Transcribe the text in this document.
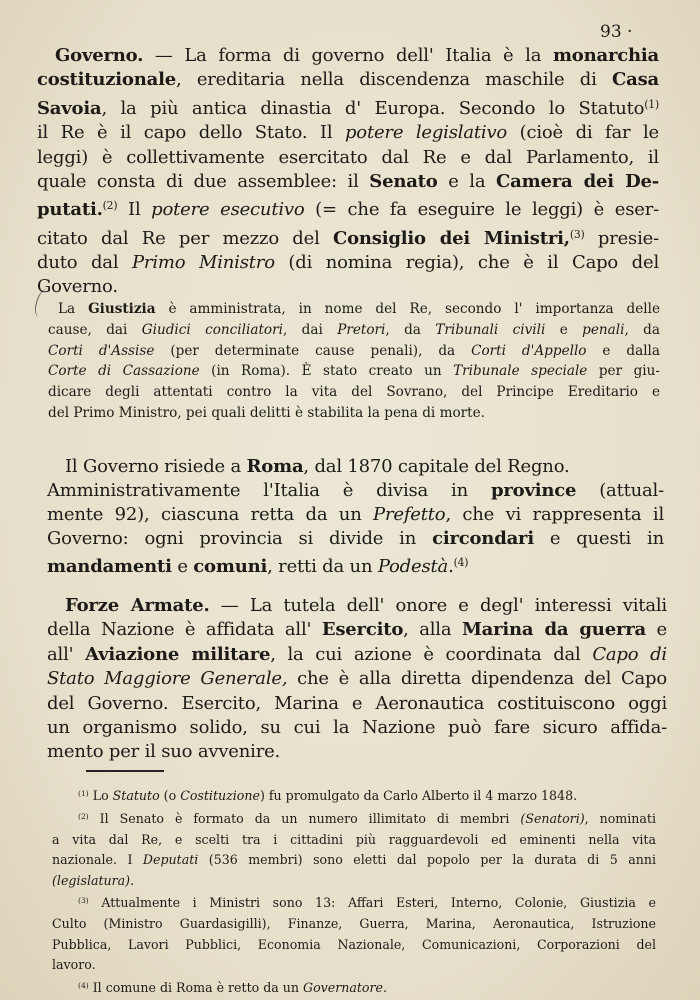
93 ·
Governo. — La forma di governo dell' Italia è la monarchia
costituzionale, ereditaria nella discendenza maschile di Casa
Savoia, la più antica dinastia d' Europa. Secondo lo Statuto$^{(1)}$
il Re è il capo dello Stato. Il potere legislativo (cioè di far le
leggi) è collettivamente esercitato dal Re e dal Parlamento, il
quale consta di due assemblee: il Senato e la Camera dei De-
putati.$^{(2)}$ Il potere esecutivo (= che fa eseguire le leggi) è eser-
citato dal Re per mezzo del Consiglio dei Ministri,$^{(3)}$ presie-
duto dal Primo Ministro (di nomina regia), che è il Capo del
Governo.
La Giustizia è amministrata, in nome del Re, secondo l' importanza delle
cause, dai Giudici conciliatori, dai Pretori, da Tribunali civili e penali, da
Corti d'Assise (per determinate cause penali), da Corti d'Appello e dalla
Corte di Cassazione (in Roma). È stato creato un Tribunale speciale per giu-
dicare degli attentati contro la vita del Sovrano, del Principe Ereditario e
del Primo Ministro, pei quali delitti è stabilita la pena di morte.
Il Governo risiede a Roma, dal 1870 capitale del Regno.
Amministrativamente l'Italia è divisa in province (attual-
mente 92), ciascuna retta da un Prefetto, che vi rappresenta il
Governo: ogni provincia si divide in circondari e questi in
mandamenti e comuni, retti da un Podestà.$^{(4)}$
Forze Armate. — La tutela dell' onore e degl' interessi vitali
della Nazione è affidata all' Esercito, alla Marina da guerra e
all' Aviazione militare, la cui azione è coordinata dal Capo di
Stato Maggiore Generale, che è alla diretta dipendenza del Capo
del Governo. Esercito, Marina e Aeronautica costituiscono oggi
un organismo solido, su cui la Nazione può fare sicuro affida-
mento per il suo avvenire.
$^{(1)}$ Lo Statuto (o Costituzione) fu promulgato da Carlo Alberto il 4 marzo 1848.
$^{(2)}$ Il Senato è formato da un numero illimitato di membri (Senatori), nominati
a vita dal Re, e scelti tra i cittadini più ragguardevoli ed eminenti nella vita
nazionale. I Deputati (536 membri) sono eletti dal popolo per la durata di 5 anni
(legislatura).
$^{(3)}$ Attualmente i Ministri sono 13: Affari Esteri, Interno, Colonie, Giustizia e
Culto (Ministro Guardasigilli), Finanze, Guerra, Marina, Aeronautica, Istruzione
Pubblica, Lavori Pubblici, Economia Nazionale, Comunicazioni, Corporazioni del
lavoro.
$^{(4)}$ Il comune di Roma è retto da un Governatore.
